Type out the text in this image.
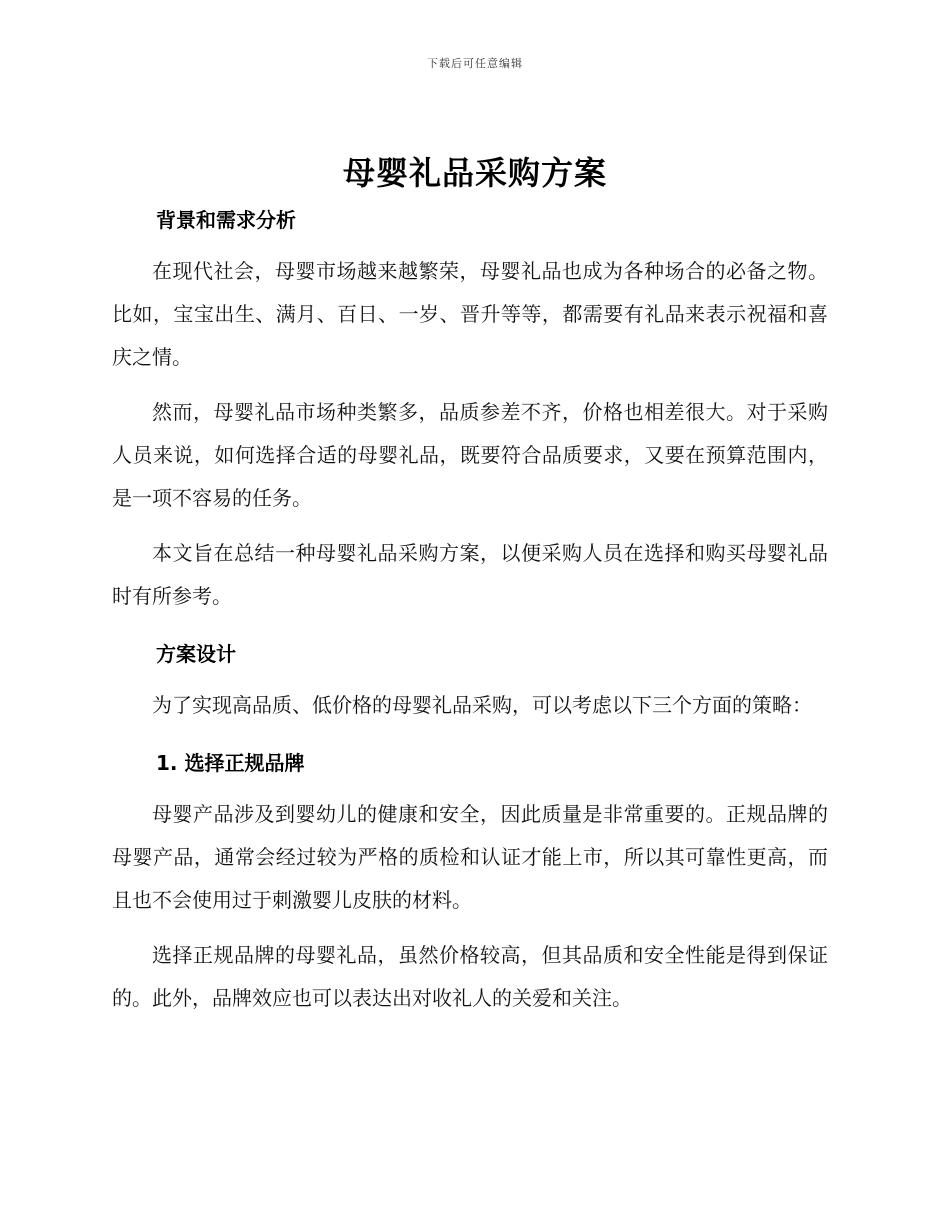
下载后可任意编辑
母婴礼品采购方案
背景和需求分析

在现代社会，母婴市场越来越繁荣，母婴礼品也成为各种场合的必备之物。比如，宝宝出生、满月、百日、一岁、晋升等等，都需要有礼品来表示祝福和喜庆之情。

然而，母婴礼品市场种类繁多，品质参差不齐，价格也相差很大。对于采购人员来说，如何选择合适的母婴礼品，既要符合品质要求，又要在预算范围内，是一项不容易的任务。

本文旨在总结一种母婴礼品采购方案，以便采购人员在选择和购买母婴礼品时有所参考。

方案设计

为了实现高品质、低价格的母婴礼品采购，可以考虑以下三个方面的策略：

1. 选择正规品牌

母婴产品涉及到婴幼儿的健康和安全，因此质量是非常重要的。正规品牌的母婴产品，通常会经过较为严格的质检和认证才能上市，所以其可靠性更高，而且也不会使用过于刺激婴儿皮肤的材料。

选择正规品牌的母婴礼品，虽然价格较高，但其品质和安全性能是得到保证的。此外，品牌效应也可以表达出对收礼人的关爱和关注。
